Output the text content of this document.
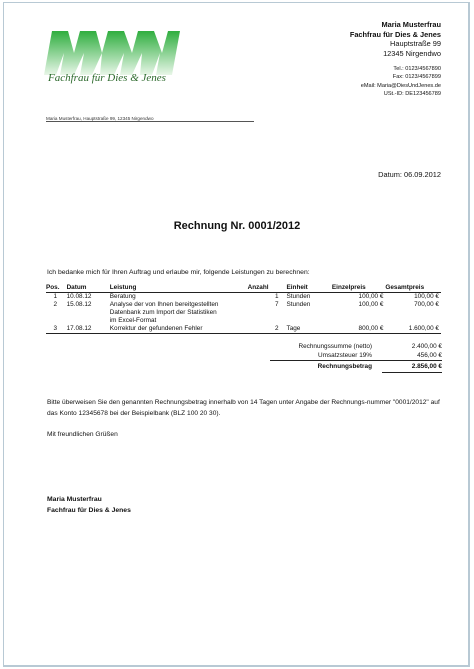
Fachfrau für Dies & Jenes
Maria Musterfrau
Fachfrau für Dies & Jenes
Hauptstraße 99
12345 Nirgendwo
Tel.: 0123/4567890
Fax: 0123/4567899
eMail: Maria@DiesUndJenes.de
USt.-ID: DE123456789
Maria Musterfrau, Hauptstraße 99, 12345 Nirgendwo
Datum: 06.09.2012
Rechnung Nr. 0001/2012
Ich bedanke mich für Ihren Auftrag und erlaube mir, folgende Leistungen zu berechnen:
Pos.	Datum	Leistung	Anzahl	Einheit	Einzelpreis	Gesamtpreis
1	10.08.12	Beratung	1	Stunden	100,00 €	100,00 €
2	15.08.12	Analyse der von Ihnen bereitgestellten
Datenbank zum Import der Statistiken
im Excel-Format	7	Stunden	100,00 €	700,00 €
3	17.08.12	Korrektur der gefundenen Fehler	2	Tage	800,00 €	1.600,00 €
Rechnungssumme (netto)	2.400,00 €
Umsatzsteuer 19%	456,00 €
Rechnungsbetrag	2.856,00 €
Bitte überweisen Sie den genannten Rechnungsbetrag innerhalb von 14 Tagen unter Angabe der Rechnungs-nummer "0001/2012" auf das Konto 12345678 bei der Beispielbank (BLZ 100 20 30).
Mit freundlichen Grüßen
Maria Musterfrau
Fachfrau für Dies & Jenes
